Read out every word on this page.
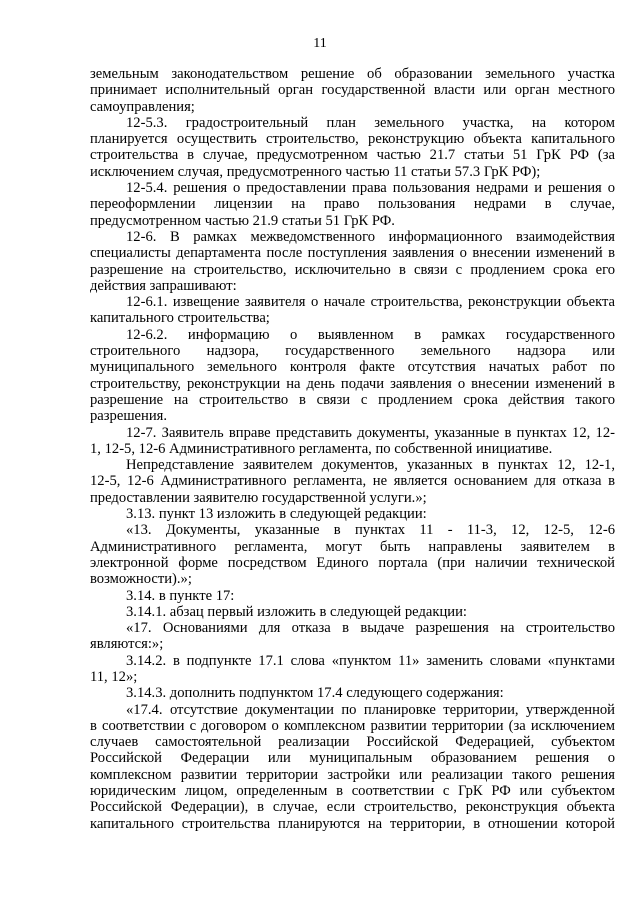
11
земельным законодательством решение об образовании земельного участка
принимает исполнительный орган государственной власти или орган местного
самоуправления;
12-5.3. градостроительный план земельного участка, на котором
планируется осуществить строительство, реконструкцию объекта капитального
строительства в случае, предусмотренном частью 21.7 статьи 51 ГрК РФ (за
исключением случая, предусмотренного частью 11 статьи 57.3 ГрК РФ);
12-5.4. решения о предоставлении права пользования недрами и решения о
переоформлении лицензии на право пользования недрами в случае,
предусмотренном частью 21.9 статьи 51 ГрК РФ.
12-6. В рамках межведомственного информационного взаимодействия
специалисты департамента после поступления заявления о внесении изменений в
разрешение на строительство, исключительно в связи с продлением срока его
действия запрашивают:
12-6.1. извещение заявителя о начале строительства, реконструкции объекта
капитального строительства;
12-6.2. информацию о выявленном в рамках государственного
строительного надзора, государственного земельного надзора или
муниципального земельного контроля факте отсутствия начатых работ по
строительству, реконструкции на день подачи заявления о внесении изменений в
разрешение на строительство в связи с продлением срока действия такого
разрешения.
12-7. Заявитель вправе представить документы, указанные в пунктах 12, 12-
1, 12-5, 12-6 Административного регламента, по собственной инициативе.
Непредставление заявителем документов, указанных в пунктах 12, 12-1,
12-5, 12-6 Административного регламента, не является основанием для отказа в
предоставлении заявителю государственной услуги.»;
3.13. пункт 13 изложить в следующей редакции:
«13. Документы, указанные в пунктах 11 - 11-3, 12, 12-5, 12-6
Административного регламента, могут быть направлены заявителем в
электронной форме посредством Единого портала (при наличии технической
возможности).»;
3.14. в пункте 17:
3.14.1. абзац первый изложить в следующей редакции:
«17. Основаниями для отказа в выдаче разрешения на строительство
являются:»;
3.14.2. в подпункте 17.1 слова «пунктом 11» заменить словами «пунктами
11, 12»;
3.14.3. дополнить подпунктом 17.4 следующего содержания:
«17.4. отсутствие документации по планировке территории, утвержденной
в соответствии с договором о комплексном развитии территории (за исключением
случаев самостоятельной реализации Российской Федерацией, субъектом
Российской Федерации или муниципальным образованием решения о
комплексном развитии территории застройки или реализации такого решения
юридическим лицом, определенным в соответствии с ГрК РФ или субъектом
Российской Федерации), в случае, если строительство, реконструкция объекта
капитального строительства планируются на территории, в отношении которой
